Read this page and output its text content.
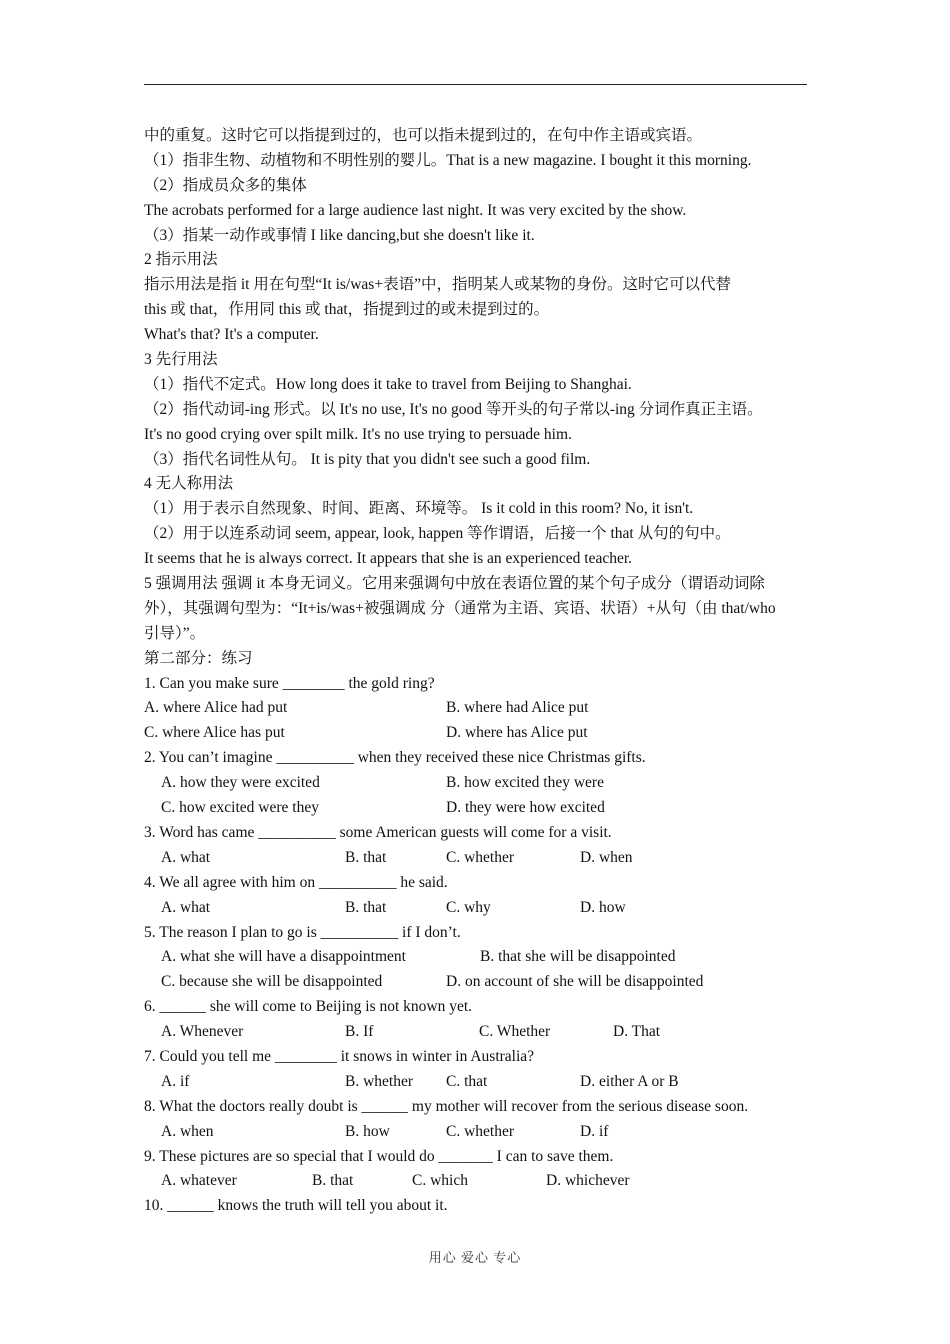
中的重复。这时它可以指提到过的，也可以指未提到过的，在句中作主语或宾语。
（1）指非生物、动植物和不明性别的婴儿。That is a new magazine. I bought it this morning.
（2）指成员众多的集体
The acrobats performed for a large audience last night. It was very excited by the show.
（3）指某一动作或事情 I like dancing,but she doesn't like it.
2 指示用法
指示用法是指 it 用在句型“It is/was+表语”中，指明某人或某物的身份。这时它可以代替
this 或 that，作用同 this 或 that，指提到过的或未提到过的。
What's that? It's a computer.
3 先行用法
（1）指代不定式。How long does it take to travel from Beijing to Shanghai.
（2）指代动词-ing 形式。以 It's no use, It's no good 等开头的句子常以-ing 分词作真正主语。
It's no good crying over spilt milk. It's no use trying to persuade him.
（3）指代名词性从句。 It is pity that you didn't see such a good film.
4 无人称用法
（1）用于表示自然现象、时间、距离、环境等。 Is it cold in this room? No, it isn't.
（2）用于以连系动词 seem, appear, look, happen 等作谓语，后接一个 that 从句的句中。
It seems that he is always correct. It appears that she is an experienced teacher.
5 强调用法 强调 it 本身无词义。它用来强调句中放在表语位置的某个句子成分（谓语动词除
外），其强调句型为：“It+is/was+被强调成 分（通常为主语、宾语、状语）+从句（由 that/who
引导）”。
第二部分：练习
1. Can you make sure ________ the gold ring?
A. where Alice had put	B. where had Alice put
C. where Alice has put	D. where has Alice put
2. You can’t imagine __________ when they received these nice Christmas gifts.
A. how they were excited	B. how excited they were
C. how excited were they	D. they were how excited
3. Word has came __________ some American guests will come for a visit.
A. what	B. that	C. whether	D. when
4. We all agree with him on __________ he said.
A. what	B. that	C. why	D. how
5. The reason I plan to go is __________ if I don’t.
A. what she will have a disappointment	B. that she will be disappointed
C. because she will be disappointed	D. on account of she will be disappointed
6. ______ she will come to Beijing is not known yet.
A. Whenever	B. If	C. Whether	D. That
7. Could you tell me ________ it snows in winter in Australia?
A. if	B. whether C. that	D. either A or B
8. What the doctors really doubt is ______ my mother will recover from the serious disease soon.
A. when	B. how	C. whether	D. if
9. These pictures are so special that I would do _______ I can to save them.
A. whatever	B. that	C. which	D. whichever
10. ______ knows the truth will tell you about it.
用心 爱心 专心
